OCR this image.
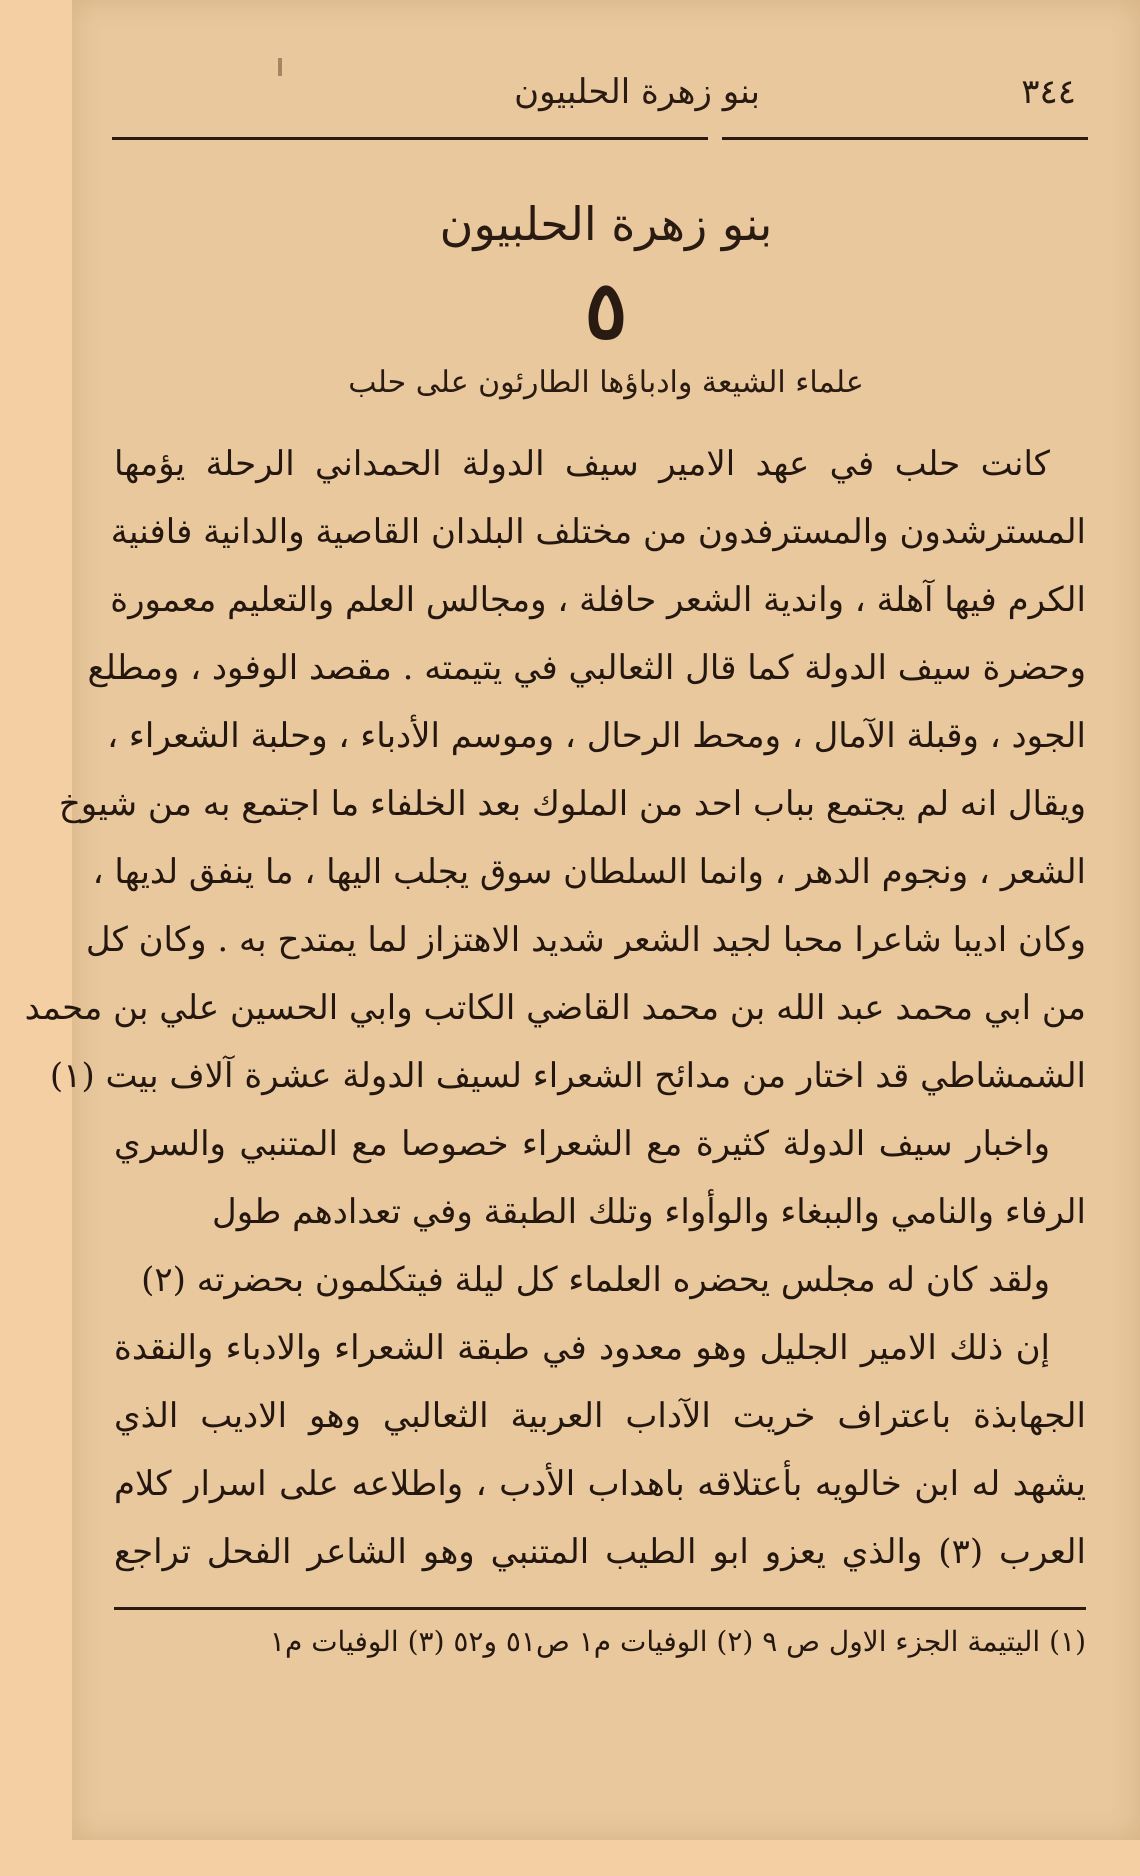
٣٤٤
بنو زهرة الحلبيون
بنو زهرة الحلبيون
٥
علماء الشيعة وادباؤها الطارئون على حلب
كانت حلب في عهد الامير سيف الدولة الحمداني الرحلة يؤمها
المسترشدون والمسترفدون من مختلف البلدان القاصية والدانية فافنية
الكرم فيها آهلة ، واندية الشعر حافلة ، ومجالس العلم والتعليم معمورة
وحضرة سيف الدولة كما قال الثعالبي في يتيمته . مقصد الوفود ، ومطلع
الجود ، وقبلة الآمال ، ومحط الرحال ، وموسم الأدباء ، وحلبة الشعراء ،
ويقال انه لم يجتمع بباب احد من الملوك بعد الخلفاء ما اجتمع به من شيوخ
الشعر ، ونجوم الدهر ، وانما السلطان سوق يجلب اليها ، ما ينفق لديها ،
وكان اديبا شاعرا محبا لجيد الشعر شديد الاهتزاز لما يمتدح به . وكان كل
من ابي محمد عبد الله بن محمد القاضي الكاتب وابي الحسين علي بن محمد
الشمشاطي قد اختار من مدائح الشعراء لسيف الدولة عشرة آلاف بيت (١)
واخبار سيف الدولة كثيرة مع الشعراء خصوصا مع المتنبي والسري
الرفاء والنامي والببغاء والوأواء وتلك الطبقة وفي تعدادهم طول
ولقد كان له مجلس يحضره العلماء كل ليلة فيتكلمون بحضرته (٢)
إن ذلك الامير الجليل وهو معدود في طبقة الشعراء والادباء والنقدة
الجهابذة باعتراف خريت الآداب العربية الثعالبي وهو الاديب الذي
يشهد له ابن خالويه بأعتلاقه باهداب الأدب ، واطلاعه على اسرار كلام
العرب (٣) والذي يعزو ابو الطيب المتنبي وهو الشاعر الفحل تراجع
(١) اليتيمة الجزء الاول ص ٩ (٢) الوفيات م١ ص٥١ و٥٢ (٣) الوفيات م١
